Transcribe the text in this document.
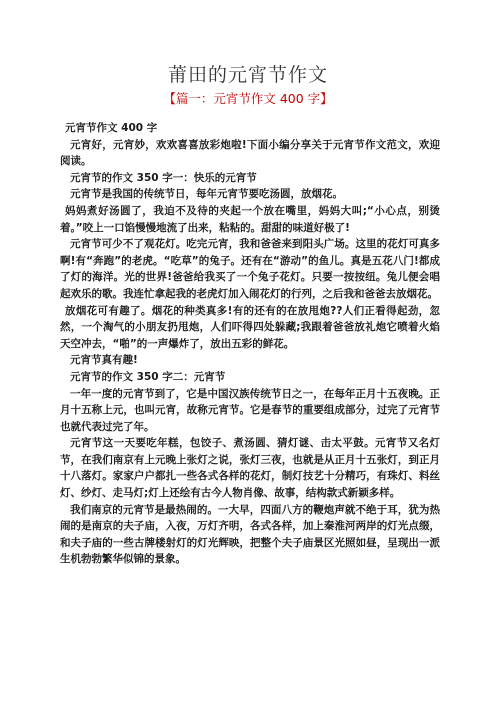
莆田的元宵节作文
【篇一：元宵节作文 400 字】

元宵节作文 400 字

元宵好，元宵妙，欢欢喜喜放彩炮啦!下面小编分享关于元宵节作文范文，欢迎阅读。

元宵节的作文 350 字一：快乐的元宵节

元宵节是我国的传统节日，每年元宵节要吃汤圆，放烟花。

妈妈煮好汤圆了，我迫不及待的夹起一个放在嘴里，妈妈大叫;“小心点，别烫着。”咬上一口馅慢慢地流了出来，粘粘的。甜甜的味道好极了!

元宵节可少不了观花灯。吃完元宵，我和爸爸来到阳头广场。这里的花灯可真多啊!有“奔跑”的老虎。“吃草”的兔子。还有在“游动”的鱼儿。真是五花八门!都成了灯的海洋。光的世界!爸爸给我买了一个兔子花灯。只要一按按纽。兔儿便会唱起欢乐的歌。我连忙拿起我的老虎灯加入闹花灯的行列，之后我和爸爸去放烟花。

放烟花可有趣了。烟花的种类真多!有的还有的在放甩炮??人们正看得起劲，忽然，一个淘气的小朋友扔甩炮，人们吓得四处躲藏;我跟着爸爸放礼炮它喷着火焰天空冲去，“啪”的一声爆炸了，放出五彩的鲜花。

元宵节真有趣!

元宵节的作文 350 字二：元宵节

一年一度的元宵节到了，它是中国汉族传统节日之一，在每年正月十五夜晚。正月十五称上元，也叫元宵，故称元宵节。它是春节的重要组成部分，过完了元宵节也就代表过完了年。

元宵节这一天要吃年糕，包饺子、煮汤圆、猜灯谜、击太平鼓。元宵节又名灯节，在我们南京有上元晚上张灯之说，张灯三夜，也就是从正月十五张灯，到正月十八落灯。家家户户都扎一些各式各样的花灯，制灯技艺十分精巧，有珠灯、料丝灯、纱灯、走马灯;灯上还绘有古今人物肖像、故事，结构款式新颖多样。

我们南京的元宵节是最热闹的。一大早，四面八方的鞭炮声就不绝于耳，犹为热闹的是南京的夫子庙，入夜，万灯齐明，各式各样，加上秦淮河两岸的灯光点缀，和夫子庙的一些古牌楼射灯的灯光辉映，把整个夫子庙景区光照如昼，呈现出一派生机勃勃繁华似锦的景象。
